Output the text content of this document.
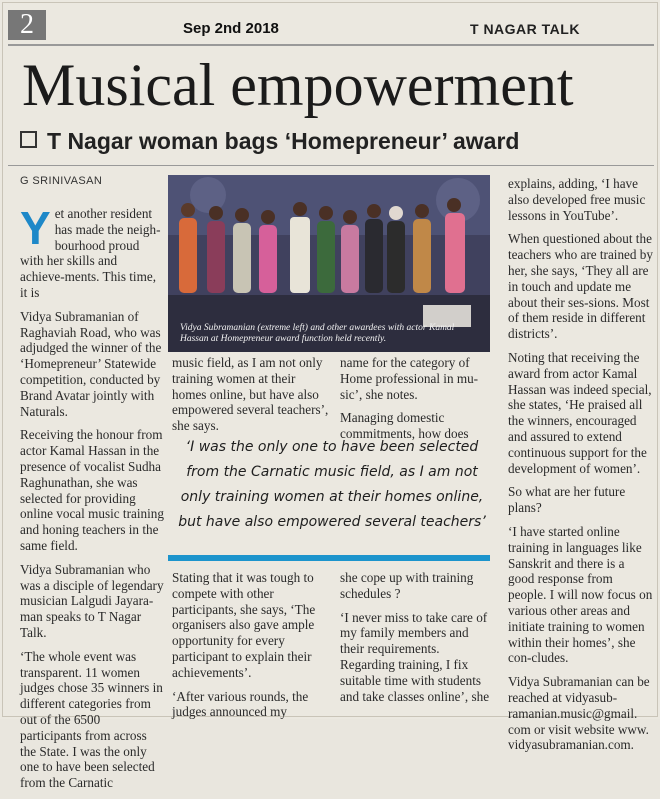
2	Sep 2nd 2018	T NAGAR TALK
Musical empowerment
T Nagar woman bags ‘Homepreneur’ award
G SRINIVASAN

Yet another resident has made the neigh-bourhood proud with her skills and achieve-ments. This time, it is

Vidya Subramanian of Raghaviah Road, who was adjudged the winner of the ‘Homepreneur’ Statewide competition, conducted by Brand Avatar jointly with Naturals.

Receiving the honour from actor Kamal Hassan in the presence of vocalist Sudha Raghunathan, she was selected for providing online vocal music training and honing teachers in the same field.

Vidya Subramanian who was a disciple of legendary musician Lalgudi Jayara-man speaks to T Nagar Talk.

‘The whole event was transparent. 11 women judges chose 35 winners in different categories from out of the 6500 participants from across the State. I was the only one to have been selected from the Carnatic

Vidya Subramanian (extreme left) and other awardees with actor Kamal Hassan at Homepreneur award function held recently.

music field, as I am not only training women at their homes online, but have also empowered several teachers’, she says.

name for the category of Home professional in mu-sic’, she notes.

Managing domestic commitments, how does

‘I was the only one to have been selected from the Carnatic music field, as I am not only training women at their homes online, but have also empowered several teachers’

Stating that it was tough to compete with other participants, she says, ‘The organisers also gave ample opportunity for every participant to explain their achievements’.

‘After various rounds, the judges announced my

she cope up with training schedules ?

‘I never miss to take care of my family members and their requirements. Regarding training, I fix suitable time with students and take classes online’, she

explains, adding, ‘I have also developed free music lessons in YouTube’.

When questioned about the teachers who are trained by her, she says, ‘They all are in touch and update me about their ses-sions. Most of them reside in different districts’.

Noting that receiving the award from actor Kamal Hassan was indeed special, she states, ‘He praised all the winners, encouraged and assured to extend continuous support for the development of women’.

So what are her future plans?

‘I have started online training in languages like Sanskrit and there is a good response from people. I will now focus on various other areas and initiate training to women within their homes’, she con-cludes.

Vidya Subramanian can be reached at vidyasub-ramanian.music@gmail. com or visit website www. vidyasubramanian.com.
